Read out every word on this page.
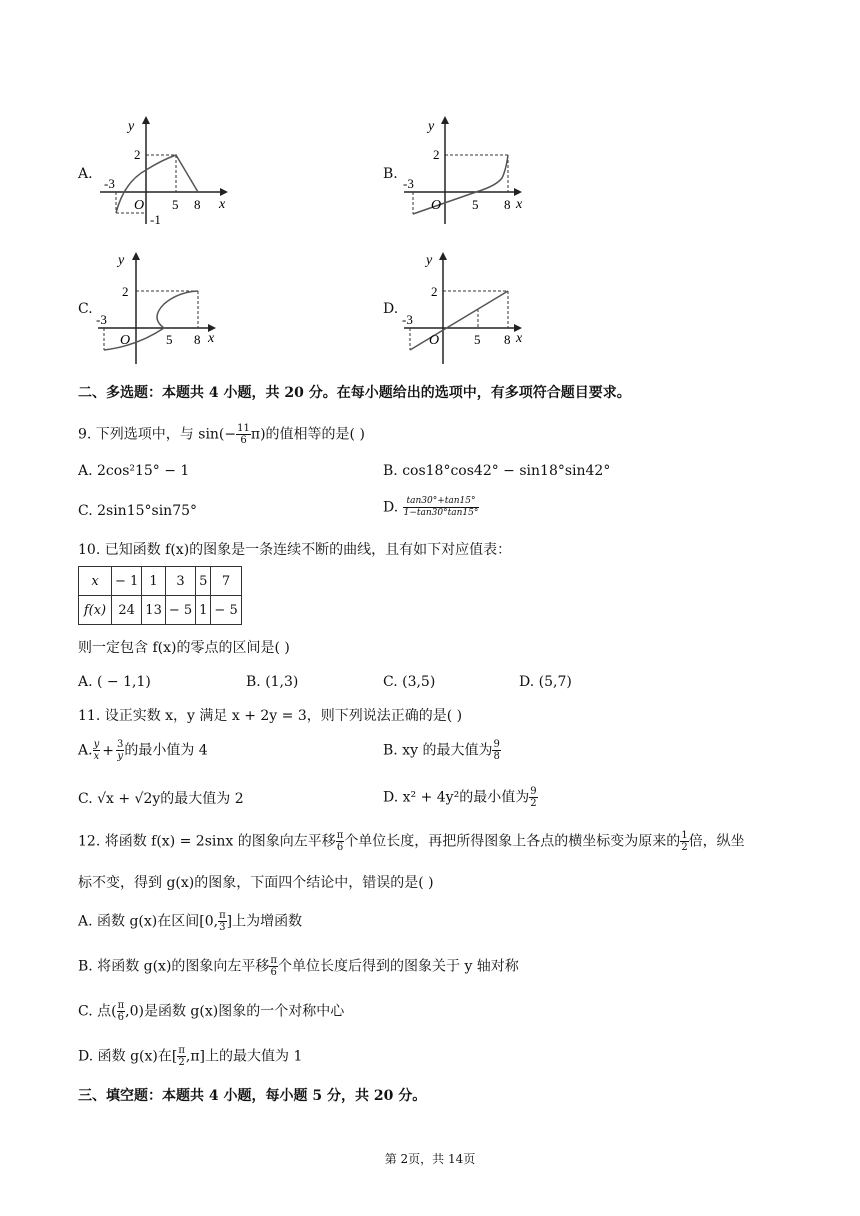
A.
y
2
-3
O 5 8 x
-1
B.
y
2
-3
O 5 8 x
C.
y
2
-3
O	5 8 x
D.
y
2
-3
O	5 8 x
二、多选题：本题共 4 小题，共 20 分。在每小题给出的选项中，有多项符合题目要求。
9. 下列选项中，与 $\sin(- \frac{11}{6} \pi)$的值相等的是( )
A. 2cos²15° − 1	B. cos18°cos42° − sin18°sin42°
C. 2sin15°sin75°	D. $\frac{\tan 30^\circ+\tan 15^\circ}{1-\tan 30^\circ\tan 15^\circ}$
10. 已知函数 f(x)的图象是一条连续不断的曲线，且有如下对应值表：
x	− 1	1	3	5	7
f(x)	24	13	− 5	1	− 5
则一定包含 f(x)的零点的区间是( )
A. ( − 1,1)	B. (1,3)	C. (3,5)	D. (5,7)
11. 设正实数 x，y 满足 x + 2y = 3，则下列说法正确的是( )
A. $\frac{y}{x} + \frac{3}{y}$ 的最小值为 4	B. xy 的最大值为 $\frac{9}{8}$
C. √x + √2y的最大值为 2	D. x² + 4y²的最小值为 $\frac{9}{2}$
12. 将函数 f(x) = 2sinx 的图象向左平移 $\frac{\pi}{6}$ 个单位长度，再把所得图象上各点的横坐标变为原来的 $\frac{1}{2}$ 倍，纵坐
标不变，得到 g(x)的图象，下面四个结论中，错误的是( )
A. 函数 g(x)在区间[0, $\frac{\pi}{3}$ ]上为增函数
B. 将函数 g(x)的图象向左平移 $\frac{\pi}{6}$ 个单位长度后得到的图象关于 y 轴对称
C. 点( $\frac{\pi}{6} ,0$)是函数 g(x)图象的一个对称中心
D. 函数 g(x)在[ $\frac{\pi}{2} ,\pi$]上的最大值为 1
三、填空题：本题共 4 小题，每小题 5 分，共 20 分。
第 2页，共 14页
